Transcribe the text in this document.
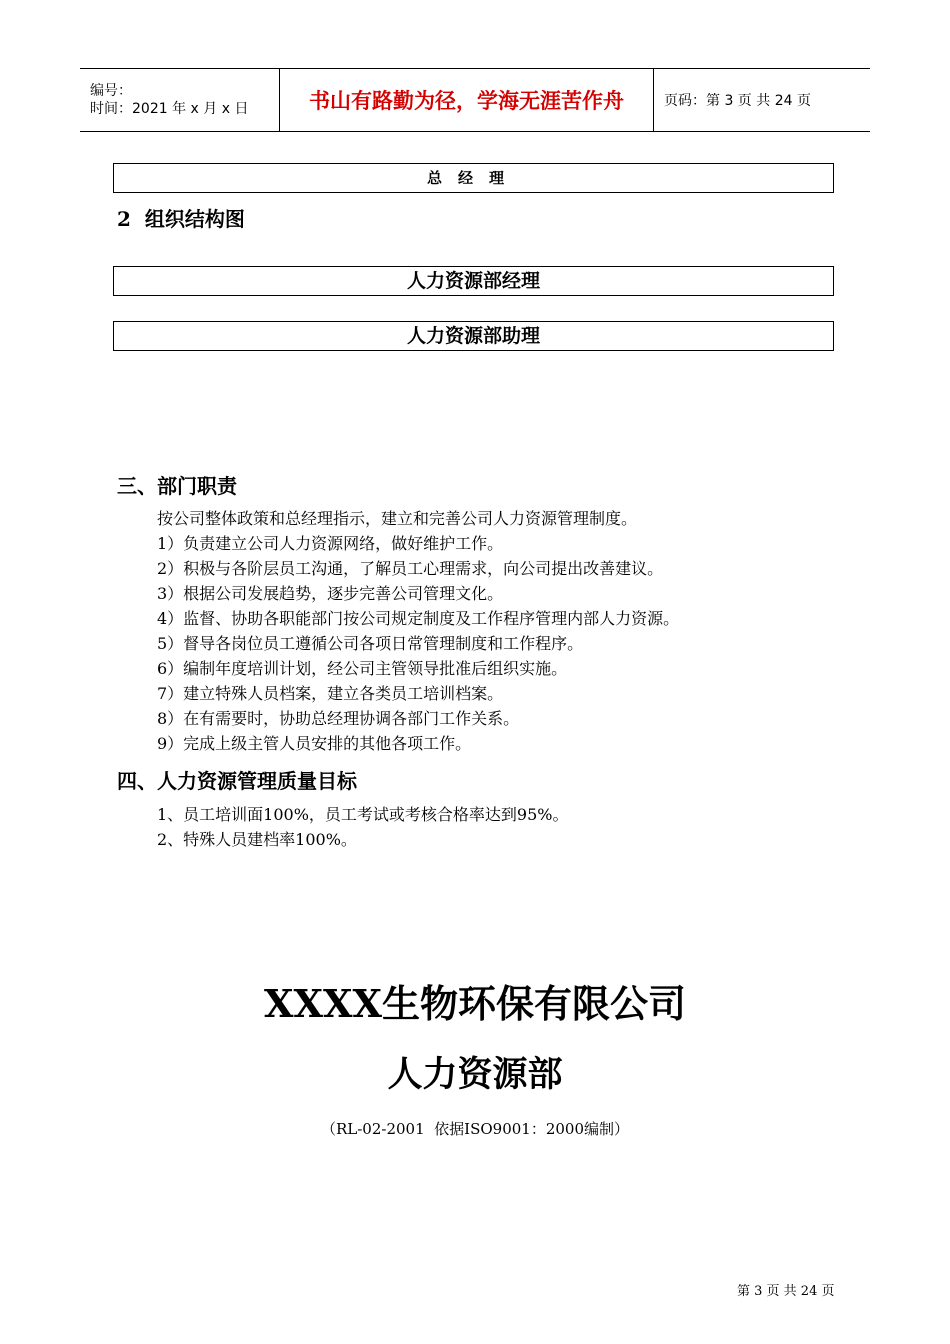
编号：
时间：2021 年 x 月 x 日	书山有路勤为径，学海无涯苦作舟	页码：第 3 页 共 24 页
总经理
2  组织结构图
人力资源部经理
人力资源部助理
三、部门职责
按公司整体政策和总经理指示，建立和完善公司人力资源管理制度。
1）负责建立公司人力资源网络，做好维护工作。
2）积极与各阶层员工沟通，了解员工心理需求，向公司提出改善建议。
3）根据公司发展趋势，逐步完善公司管理文化。
4）监督、协助各职能部门按公司规定制度及工作程序管理内部人力资源。
5）督导各岗位员工遵循公司各项日常管理制度和工作程序。
6）编制年度培训计划，经公司主管领导批准后组织实施。
7）建立特殊人员档案，建立各类员工培训档案。
8）在有需要时，协助总经理协调各部门工作关系。
9）完成上级主管人员安排的其他各项工作。
四、人力资源管理质量目标
1、员工培训面100%，员工考试或考核合格率达到95%。
2、特殊人员建档率100%。
XXXX生物环保有限公司
人力资源部
（RL-02-2001  依据ISO9001：2000编制）
第 3 页 共 24 页
